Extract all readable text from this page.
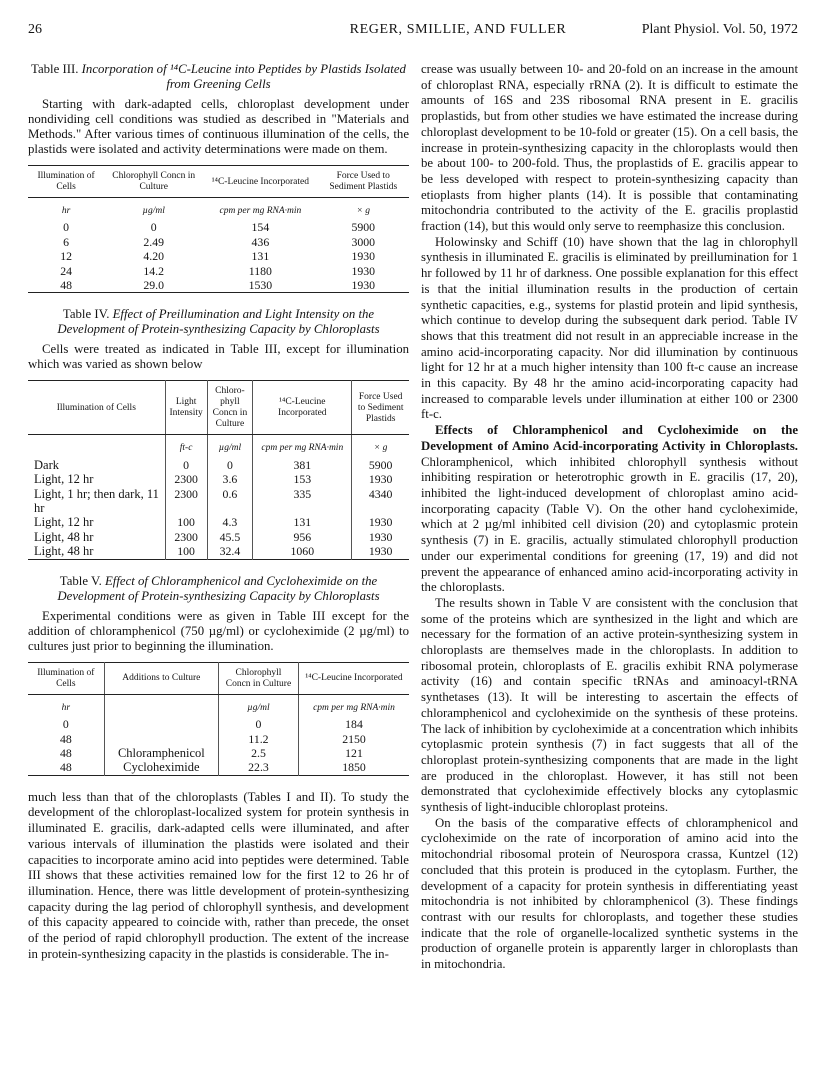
26	REGER, SMILLIE, AND FULLER	Plant Physiol. Vol. 50, 1972

Table III. Incorporation of ¹⁴C-Leucine into Peptides by Plastids Isolated from Greening Cells

Starting with dark-adapted cells, chloroplast development under nondividing cell conditions was studied as described in "Materials and Methods." After various times of continuous illumination of the cells, the plastids were isolated and activity determinations were made on them.

Illumination of Cells	Chlorophyll Concn in Culture	¹⁴C-Leucine Incorporated	Force Used to Sediment Plastids
hr	µg/ml	cpm per mg RNA·min	× g
0	0	154	5900
6	2.49	436	3000
12	4.20	131	1930
24	14.2	1180	1930
48	29.0	1530	1930

Table IV. Effect of Preillumination and Light Intensity on the Development of Protein-synthesizing Capacity by Chloroplasts

Cells were treated as indicated in Table III, except for illumination which was varied as shown below

Illumination of Cells	Light Intensity	Chloro-phyll Concn in Culture	¹⁴C-Leucine Incorporated	Force Used to Sediment Plastids
	ft-c	µg/ml	cpm per mg RNA·min	× g
Dark	0	0	381	5900
Light, 12 hr	2300	3.6	153	1930
Light, 1 hr; then dark, 11 hr	2300	0.6	335	4340
Light, 12 hr	100	4.3	131	1930
Light, 48 hr	2300	45.5	956	1930
Light, 48 hr	100	32.4	1060	1930

Table V. Effect of Chloramphenicol and Cycloheximide on the Development of Protein-synthesizing Capacity by Chloroplasts

Experimental conditions were as given in Table III except for the addition of chloramphenicol (750 µg/ml) or cycloheximide (2 µg/ml) to cultures just prior to beginning the illumination.

Illumination of Cells	Additions to Culture	Chlorophyll Concn in Culture	¹⁴C-Leucine Incorporated
hr		µg/ml	cpm per mg RNA·min
0		0	184
48		11.2	2150
48	Chloramphenicol	2.5	121
48	Cycloheximide	22.3	1850

much less than that of the chloroplasts (Tables I and II). To study the development of the chloroplast-localized system for protein synthesis in illuminated E. gracilis, dark-adapted cells were illuminated, and after various intervals of illumination the plastids were isolated and their capacities to incorporate amino acid into peptides were determined. Table III shows that these activities remained low for the first 12 to 26 hr of illumination. Hence, there was little development of protein-synthesizing capacity during the lag period of chlorophyll synthesis, and development of this capacity appeared to coincide with, rather than precede, the onset of the period of rapid chlorophyll production. The extent of the increase in protein-synthesizing capacity in the plastids is considerable. The in-

crease was usually between 10- and 20-fold on an increase in the amount of chloroplast RNA, especially rRNA (2). It is difficult to estimate the amounts of 16S and 23S ribosomal RNA present in E. gracilis proplastids, but from other studies we have estimated the increase during chloroplast development to be 10-fold or greater (15). On a cell basis, the increase in protein-synthesizing capacity in the chloroplasts would then be about 100- to 200-fold. Thus, the proplastids of E. gracilis appear to be less developed with respect to protein-synthesizing capacity than etioplasts from higher plants (14). It is possible that contaminating mitochondria contributed to the activity of the E. gracilis proplastid fraction (14), but this would only serve to reemphasize this conclusion.

Holowinsky and Schiff (10) have shown that the lag in chlorophyll synthesis in illuminated E. gracilis is eliminated by preillumination for 1 hr followed by 11 hr of darkness. One possible explanation for this effect is that the initial illumination results in the production of certain synthetic capacities, e.g., systems for plastid protein and lipid synthesis, which continue to develop during the subsequent dark period. Table IV shows that this treatment did not result in an appreciable increase in the amino acid-incorporating capacity. Nor did illumination by continuous light for 12 hr at a much higher intensity than 100 ft-c cause an increase in this capacity. By 48 hr the amino acid-incorporating capacity had increased to comparable levels under illumination at either 100 or 2300 ft-c.

Effects of Chloramphenicol and Cycloheximide on the Development of Amino Acid-incorporating Activity in Chloroplasts. Chloramphenicol, which inhibited chlorophyll synthesis without inhibiting respiration or heterotrophic growth in E. gracilis (17, 20), inhibited the light-induced development of chloroplast amino acid-incorporating capacity (Table V). On the other hand cycloheximide, which at 2 µg/ml inhibited cell division (20) and cytoplasmic protein synthesis (7) in E. gracilis, actually stimulated chlorophyll production under our experimental conditions for greening (17, 19) and did not prevent the appearance of enhanced amino acid-incorporating activity in the chloroplasts.

The results shown in Table V are consistent with the conclusion that some of the proteins which are synthesized in the light and which are necessary for the formation of an active protein-synthesizing system in chloroplasts are themselves made in the chloroplasts. In addition to ribosomal protein, chloroplasts of E. gracilis exhibit RNA polymerase activity (16) and contain specific tRNAs and aminoacyl-tRNA synthetases (13). It will be interesting to ascertain the effects of chloramphenicol and cycloheximide on the synthesis of these proteins. The lack of inhibition by cycloheximide at a concentration which inhibits cytoplasmic protein synthesis (7) in fact suggests that all of the chloroplast protein-synthesizing components that are made in the light are produced in the chloroplast. However, it has still not been demonstrated that cycloheximide effectively blocks any cytoplasmic synthesis of light-inducible chloroplast proteins.

On the basis of the comparative effects of chloramphenicol and cycloheximide on the rate of incorporation of amino acid into the mitochondrial ribosomal protein of Neurospora crassa, Kuntzel (12) concluded that this protein is produced in the cytoplasm. Further, the development of a capacity for protein synthesis in differentiating yeast mitochondria is not inhibited by chloramphenicol (3). These findings contrast with our results for chloroplasts, and together these studies indicate that the role of organelle-localized synthetic systems in the production of organelle protein is apparently larger in chloroplasts than in mitochondria.
